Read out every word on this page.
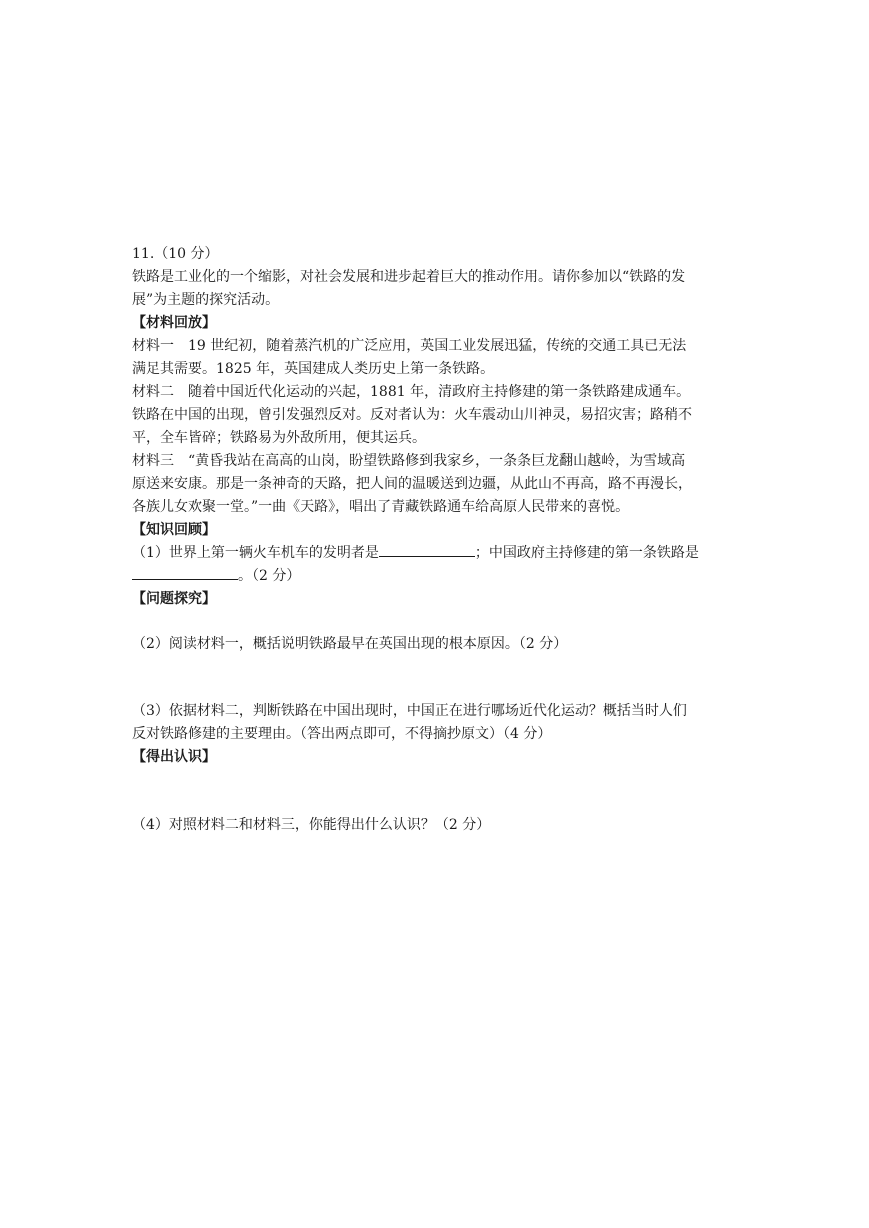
11.（10 分）
铁路是工业化的一个缩影，对社会发展和进步起着巨大的推动作用。请你参加以“铁路的发
展”为主题的探究活动。
【材料回放】
材料一　19 世纪初，随着蒸汽机的广泛应用，英国工业发展迅猛，传统的交通工具已无法
满足其需要。1825 年，英国建成人类历史上第一条铁路。
材料二　随着中国近代化运动的兴起，1881 年，清政府主持修建的第一条铁路建成通车。
铁路在中国的出现，曾引发强烈反对。反对者认为：火车震动山川神灵，易招灾害；路稍不
平，全车皆碎；铁路易为外敌所用，便其运兵。
材料三　“黄昏我站在高高的山岗，盼望铁路修到我家乡，一条条巨龙翻山越岭，为雪域高
原送来安康。那是一条神奇的天路，把人间的温暖送到边疆，从此山不再高，路不再漫长，
各族儿女欢聚一堂。”一曲《天路》，唱出了青藏铁路通车给高原人民带来的喜悦。
【知识回顾】
（1）世界上第一辆火车机车的发明者是	；中国政府主持修建的第一条铁路是
。（2 分）
【问题探究】
（2）阅读材料一，概括说明铁路最早在英国出现的根本原因。（2 分）
（3）依据材料二，判断铁路在中国出现时，中国正在进行哪场近代化运动？概括当时人们
反对铁路修建的主要理由。（答出两点即可，不得摘抄原文）（4 分）
【得出认识】
（4）对照材料二和材料三，你能得出什么认识？（2 分）
